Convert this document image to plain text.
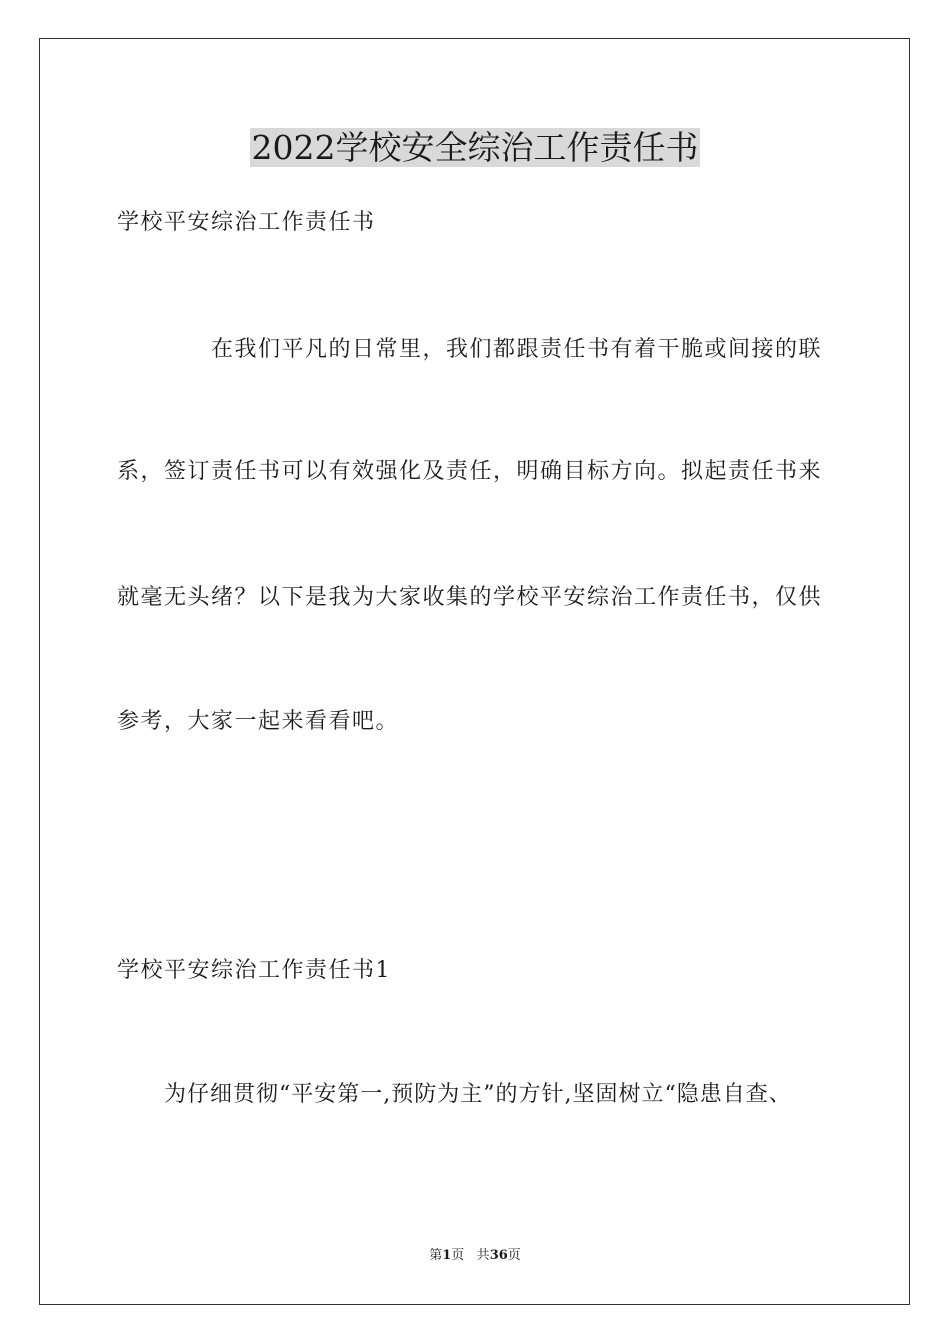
2022学校安全综治工作责任书
学校平安综治工作责任书
在我们平凡的日常里，我们都跟责任书有着干脆或间接的联
系，签订责任书可以有效强化及责任，明确目标方向。拟起责任书来
就毫无头绪？以下是我为大家收集的学校平安综治工作责任书，仅供
参考，大家一起来看看吧。
学校平安综治工作责任书1
为仔细贯彻“平安第一,预防为主”的方针,坚固树立“隐患自查、
第1页 共36页
